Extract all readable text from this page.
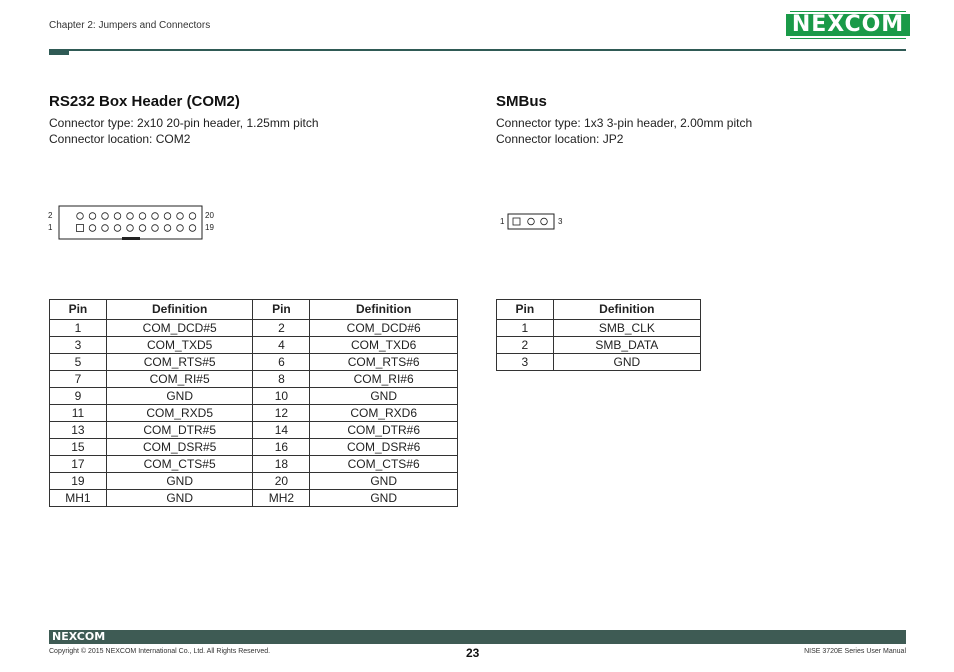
Chapter 2: Jumpers and Connectors	NEXCOM
RS232 Box Header (COM2)
Connector type: 2x10 20-pin header, 1.25mm pitch
Connector location: COM2
2
1
20
19
Pin	Definition	Pin	Definition
1	COM_DCD#5	2	COM_DCD#6
3	COM_TXD5	4	COM_TXD6
5	COM_RTS#5	6	COM_RTS#6
7	COM_RI#5	8	COM_RI#6
9	GND	10	GND
11	COM_RXD5	12	COM_RXD6
13	COM_DTR#5	14	COM_DTR#6
15	COM_DSR#5	16	COM_DSR#6
17	COM_CTS#5	18	COM_CTS#6
19	GND	20	GND
MH1	GND	MH2	GND
SMBus
Connector type: 1x3 3-pin header, 2.00mm pitch
Connector location: JP2
1	3
Pin	Definition
1	SMB_CLK
2	SMB_DATA
3	GND
NEXCOM
Copyright © 2015 NEXCOM International Co., Ltd. All Rights Reserved.	23	NISE 3720E Series User Manual
